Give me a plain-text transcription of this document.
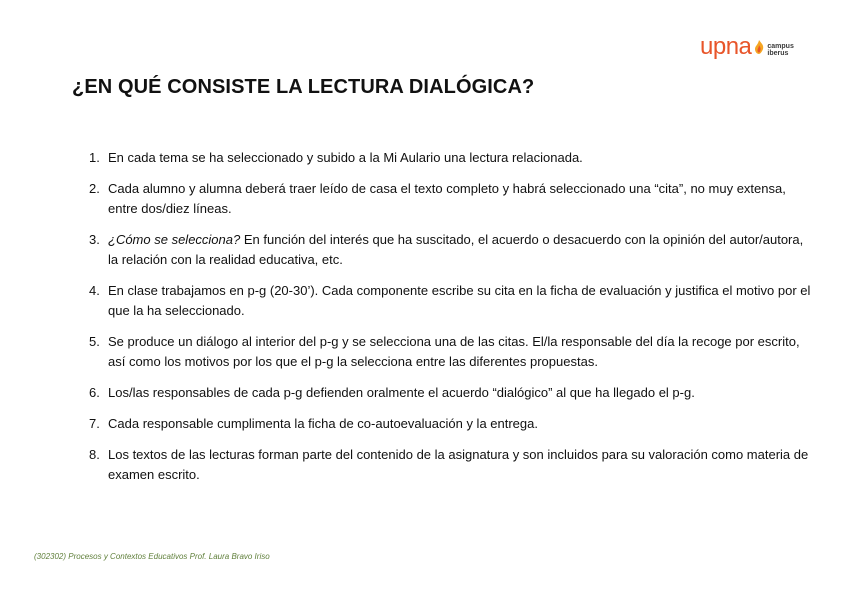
upna campus
iberus
¿EN QUÉ CONSISTE LA LECTURA DIALÓGICA?
1. En cada tema se ha seleccionado y subido a la Mi Aulario una lectura relacionada.
2. Cada alumno y alumna deberá traer leído de casa el texto completo y habrá seleccionado una “cita”, no muy extensa, entre dos/diez líneas.
3. ¿Cómo se selecciona? En función del interés que ha suscitado, el acuerdo o desacuerdo con la opinión del autor/autora, la relación con la realidad educativa, etc.
4. En clase trabajamos en p-g (20-30’). Cada componente escribe su cita en la ficha de evaluación y justifica el motivo por el que la ha seleccionado.
5. Se produce un diálogo al interior del p-g y se selecciona una de las citas. El/la responsable del día la recoge por escrito, así como los motivos por los que el p-g la selecciona entre las diferentes propuestas.
6. Los/las responsables de cada p-g defienden oralmente el acuerdo “dialógico” al que ha llegado el p-g.
7. Cada responsable cumplimenta la ficha de co-autoevaluación y la entrega.
8. Los textos de las lecturas forman parte del contenido de la asignatura y son incluidos para su valoración como materia de examen escrito.
(302302) Procesos y Contextos Educativos Prof. Laura Bravo Iriso
